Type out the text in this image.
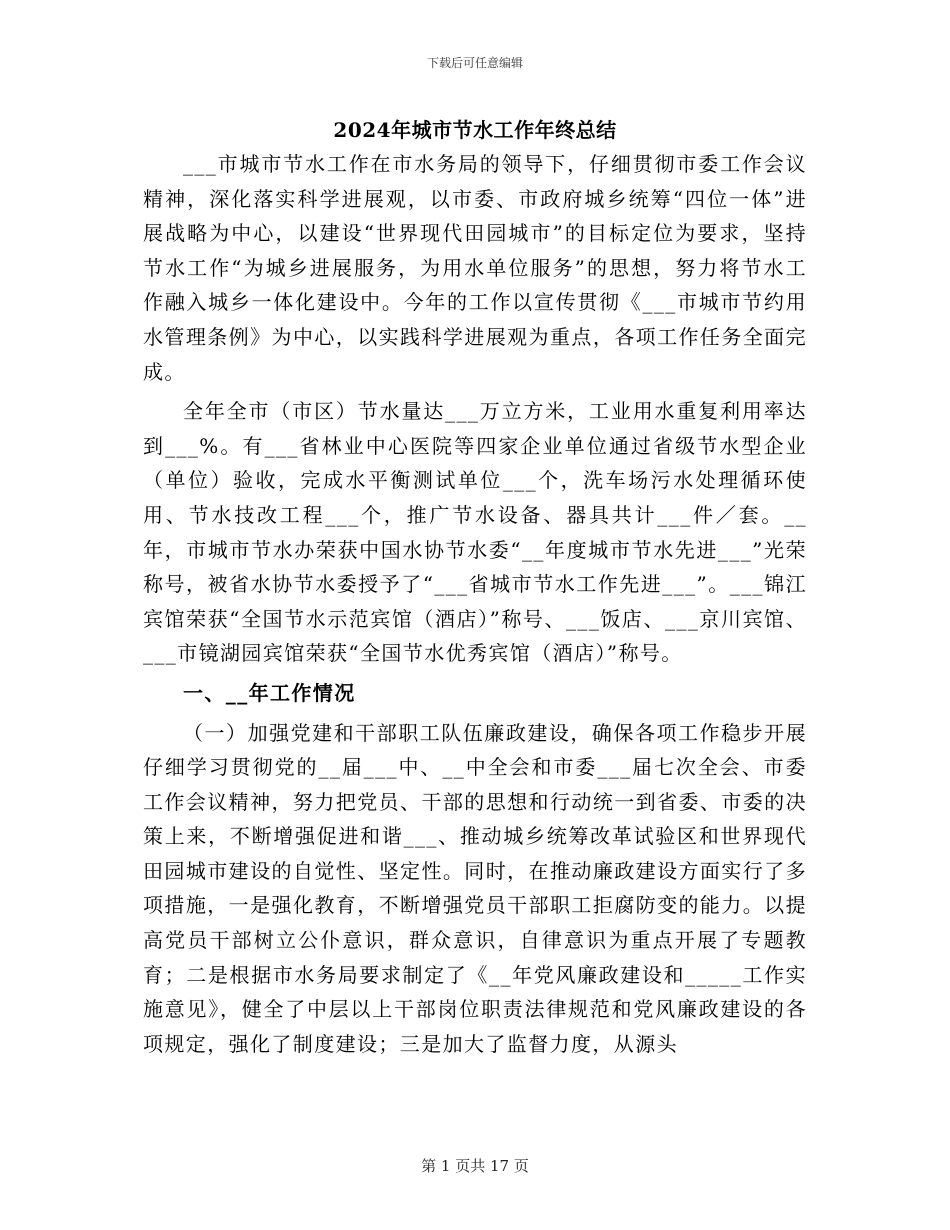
下载后可任意编辑
2024年城市节水工作年终总结

___市城市节水工作在市水务局的领导下，仔细贯彻市委工作会议精神，深化落实科学进展观，以市委、市政府城乡统筹“四位一体”进展战略为中心，以建设“世界现代田园城市”的目标定位为要求，坚持节水工作“为城乡进展服务，为用水单位服务”的思想，努力将节水工作融入城乡一体化建设中。今年的工作以宣传贯彻《___市城市节约用水管理条例》为中心，以实践科学进展观为重点，各项工作任务全面完成。

全年全市（市区）节水量达___万立方米，工业用水重复利用率达到___%。有___省林业中心医院等四家企业单位通过省级节水型企业（单位）验收，完成水平衡测试单位___个，洗车场污水处理循环使用、节水技改工程___个，推广节水设备、器具共计___件／套。__年，市城市节水办荣获中国水协节水委“__年度城市节水先进___”光荣称号，被省水协节水委授予了“___省城市节水工作先进___”。___锦江宾馆荣获“全国节水示范宾馆（酒店）”称号、___饭店、___京川宾馆、___市镜湖园宾馆荣获“全国节水优秀宾馆（酒店）”称号。

一、__年工作情况

（一）加强党建和干部职工队伍廉政建设，确保各项工作稳步开展仔细学习贯彻党的__届___中、__中全会和市委___届七次全会、市委工作会议精神，努力把党员、干部的思想和行动统一到省委、市委的决策上来，不断增强促进和谐___、推动城乡统筹改革试验区和世界现代田园城市建设的自觉性、坚定性。同时，在推动廉政建设方面实行了多项措施，一是强化教育，不断增强党员干部职工拒腐防变的能力。以提高党员干部树立公仆意识，群众意识，自律意识为重点开展了专题教育；二是根据市水务局要求制定了《__年党风廉政建设和_____工作实施意见》，健全了中层以上干部岗位职责法律规范和党风廉政建设的各项规定，强化了制度建设；三是加大了监督力度，从源头

第 1 页共 17 页
